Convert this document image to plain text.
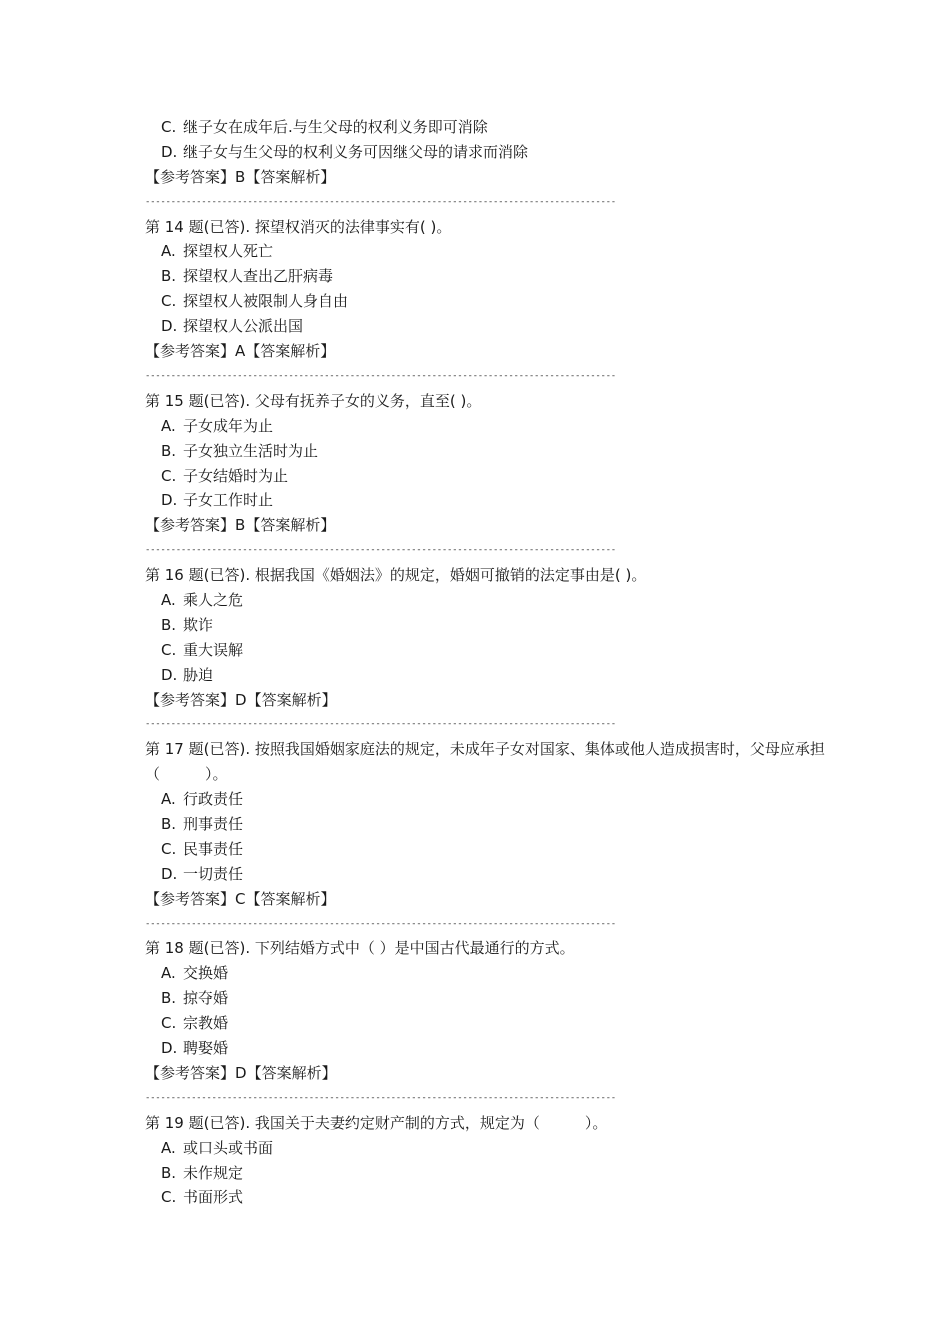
C. 继子女在成年后.与生父母的权利义务即可消除
D. 继子女与生父母的权利义务可因继父母的请求而消除
【参考答案】B【答案解析】
--------------------------------------------------------------------------------------------
第 14 题(已答). 探望权消灭的法律事实有( )。
A. 探望权人死亡
B. 探望权人查出乙肝病毒
C. 探望权人被限制人身自由
D. 探望权人公派出国
【参考答案】A【答案解析】
--------------------------------------------------------------------------------------------
第 15 题(已答). 父母有抚养子女的义务，直至( )。
A. 子女成年为止
B. 子女独立生活时为止
C. 子女结婚时为止
D. 子女工作时止
【参考答案】B【答案解析】
--------------------------------------------------------------------------------------------
第 16 题(已答). 根据我国《婚姻法》的规定，婚姻可撤销的法定事由是( )。
A. 乘人之危
B. 欺诈
C. 重大误解
D. 胁迫
【参考答案】D【答案解析】
--------------------------------------------------------------------------------------------
第 17 题(已答). 按照我国婚姻家庭法的规定，未成年子女对国家、集体或他人造成损害时，父母应承担（　　　）。
A. 行政责任
B. 刑事责任
C. 民事责任
D. 一切责任
【参考答案】C【答案解析】
--------------------------------------------------------------------------------------------
第 18 题(已答). 下列结婚方式中（ ）是中国古代最通行的方式。
A. 交换婚
B. 掠夺婚
C. 宗教婚
D. 聘娶婚
【参考答案】D【答案解析】
--------------------------------------------------------------------------------------------
第 19 题(已答). 我国关于夫妻约定财产制的方式，规定为（　　　）。
A. 或口头或书面
B. 未作规定
C. 书面形式
